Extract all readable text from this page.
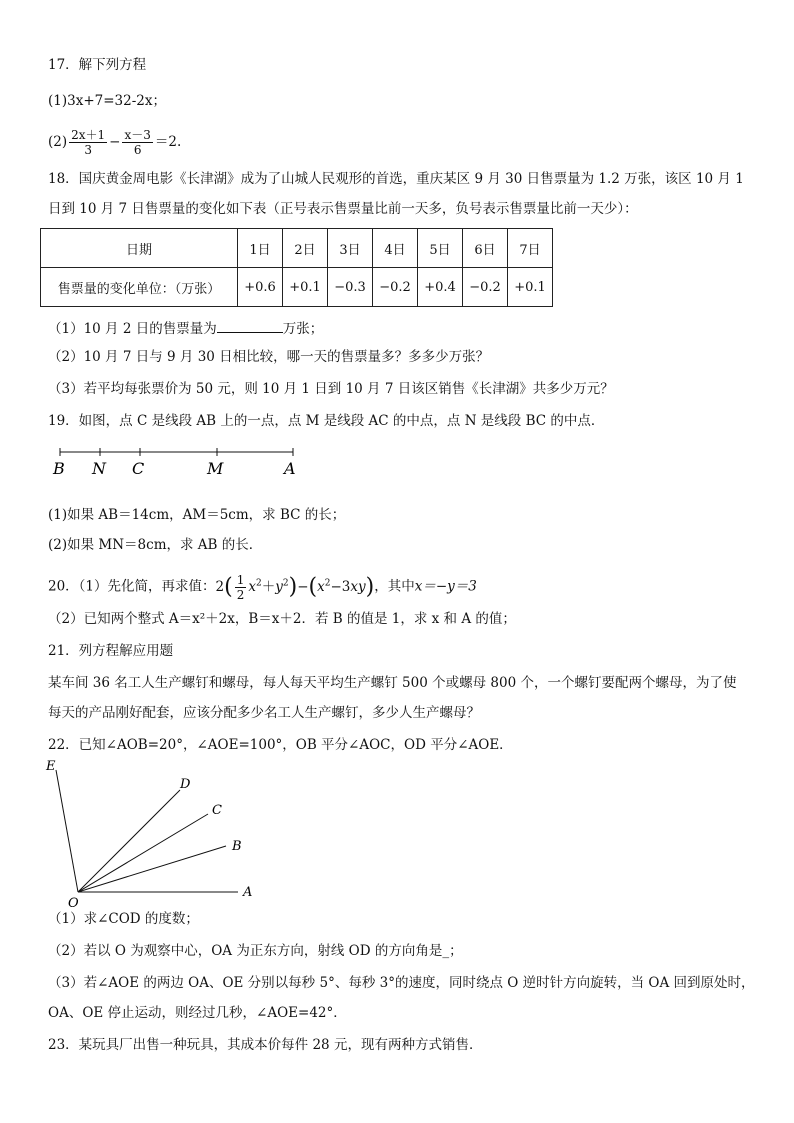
17．解下列方程
(1)3x+7=32-2x；
$(2) \frac{2x+1}{3} - \frac{x-3}{6} =2$.
18．国庆黄金周电影《长津湖》成为了山城人民观形的首选，重庆某区 9 月 30 日售票量为 1.2 万张，该区 10 月 1
日到 10 月 7 日售票量的变化如下表（正号表示售票量比前一天多，负号表示售票量比前一天少）：
日期	1日	2日	3日	4日	5日	6日	7日
售票量的变化单位：（万张）	+0.6	+0.1	−0.3	−0.2	+0.4	−0.2	+0.1
（1）10 月 2 日的售票量为	万张；
（2）10 月 7 日与 9 月 30 日相比较，哪一天的售票量多？多多少万张？
（3）若平均每张票价为 50 元，则 10 月 1 日到 10 月 7 日该区销售《长津湖》共多少万元？
19．如图，点 C 是线段 AB 上的一点，点 M 是线段 AC 的中点，点 N 是线段 BC 的中点．
B N C	M	A
(1)如果 AB＝14cm，AM＝5cm，求 BC 的长；
(2)如果 MN＝8cm，求 AB 的长．
20．（1）先化简，再求值：$2( \frac{1}{2} x^2+y^2)-(x^2-3xy)$，其中x＝−y＝3
（2）已知两个整式 A＝x²＋2x，B＝x＋2．若 B 的值是 1，求 x 和 A 的值；
21．列方程解应用题
某车间 36 名工人生产螺钉和螺母，每人每天平均生产螺钉 500 个或螺母 800 个，一个螺钉要配两个螺母，为了使
每天的产品刚好配套，应该分配多少名工人生产螺钉，多少人生产螺母？
22．已知∠AOB=20°，∠AOE=100°，OB 平分∠AOC，OD 平分∠AOE．
E
D
C
B
A
O
（1）求∠COD 的度数；
（2）若以 O 为观察中心，OA 为正东方向，射线 OD 的方向角是_；
（3）若∠AOE 的两边 OA、OE 分别以每秒 5°、每秒 3°的速度，同时绕点 O 逆时针方向旋转，当 OA 回到原处时，
OA、OE 停止运动，则经过几秒，∠AOE=42°．
23．某玩具厂出售一种玩具，其成本价每件 28 元，现有两种方式销售．
